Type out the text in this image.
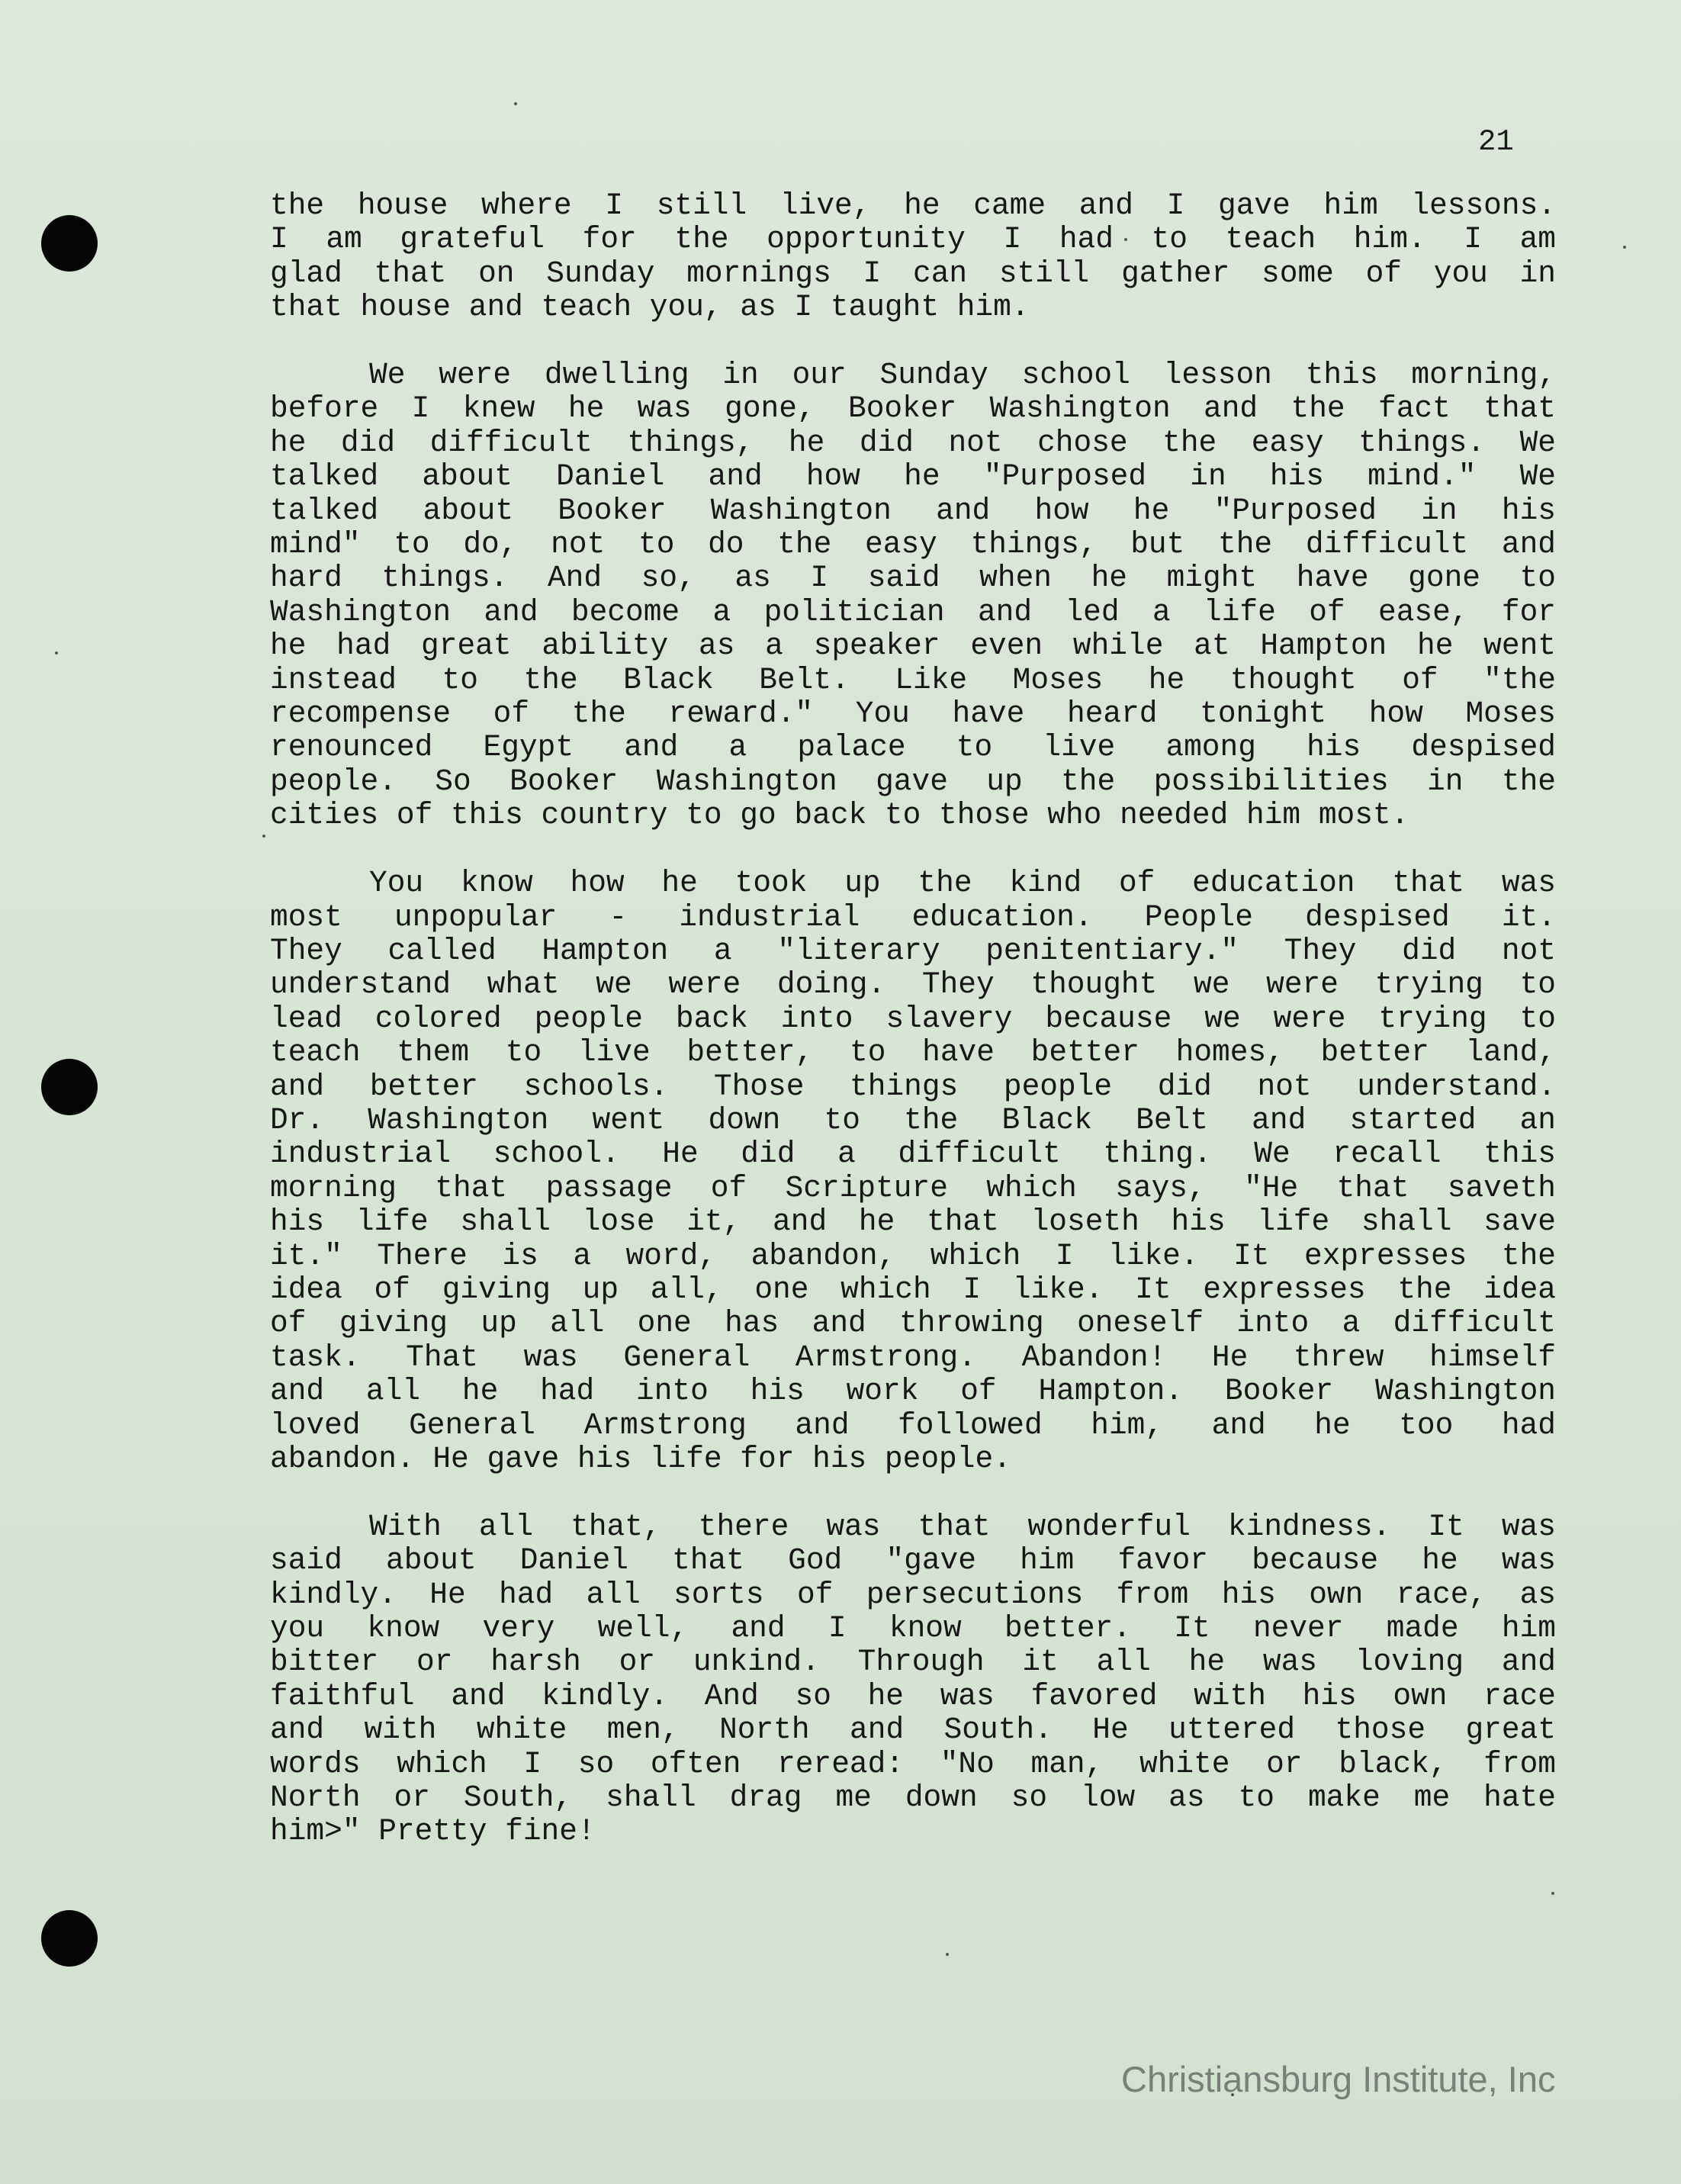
21

the house where I still live, he came and I gave him lessons.
I am grateful for the opportunity I had to teach him. I am
glad that on Sunday mornings I can still gather some of you in
that house and teach you, as I taught him.

We were dwelling in our Sunday school lesson this morning,
before I knew he was gone, Booker Washington and the fact that
he did difficult things, he did not chose the easy things. We
talked about Daniel and how he "Purposed in his mind." We
talked about Booker Washington and how he "Purposed in his
mind" to do, not to do the easy things, but the difficult and
hard things. And so, as I said when he might have gone to
Washington and become a politician and led a life of ease, for
he had great ability as a speaker even while at Hampton he went
instead to the Black Belt. Like Moses he thought of "the
recompense of the reward." You have heard tonight how Moses
renounced Egypt and a palace to live among his despised
people. So Booker Washington gave up the possibilities in the
cities of this country to go back to those who needed him most.

You know how he took up the kind of education that was
most unpopular - industrial education. People despised it.
They called Hampton a "literary penitentiary." They did not
understand what we were doing. They thought we were trying to
lead colored people back into slavery because we were trying to
teach them to live better, to have better homes, better land,
and better schools. Those things people did not understand.
Dr. Washington went down to the Black Belt and started an
industrial school. He did a difficult thing. We recall this
morning that passage of Scripture which says, "He that saveth
his life shall lose it, and he that loseth his life shall save
it." There is a word, abandon, which I like. It expresses the
idea of giving up all, one which I like. It expresses the idea
of giving up all one has and throwing oneself into a difficult
task. That was General Armstrong. Abandon! He threw himself
and all he had into his work of Hampton. Booker Washington
loved General Armstrong and followed him, and he too had
abandon. He gave his life for his people.

With all that, there was that wonderful kindness. It was
said about Daniel that God "gave him favor because he was
kindly. He had all sorts of persecutions from his own race, as
you know very well, and I know better. It never made him
bitter or harsh or unkind. Through it all he was loving and
faithful and kindly. And so he was favored with his own race
and with white men, North and South. He uttered those great
words which I so often reread: "No man, white or black, from
North or South, shall drag me down so low as to make me hate
him>" Pretty fine!

Christiansburg Institute, Inc
